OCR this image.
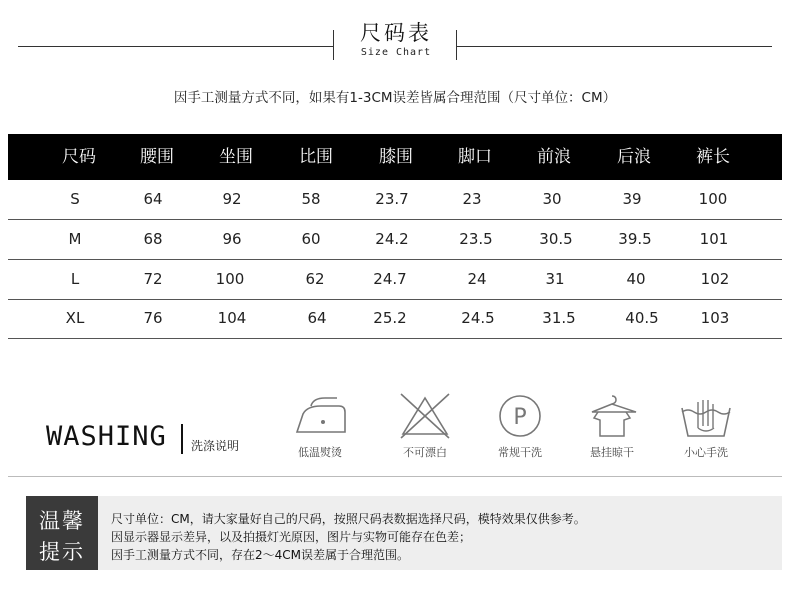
尺码表
Size Chart
因手工测量方式不同，如果有1-3CM误差皆属合理范围（尺寸单位：CM）
尺码	腰围	坐围	比围	膝围	脚口	前浪	后浪	裤长
S	64	92	58	23.7	23	30	39	100
M	68	96	60	24.2	23.5	30.5	39.5	101
L	72	100	62	24.7	24	31	40	102
XL	76	104	64	25.2	24.5	31.5	40.5	103
WASHING 洗涤说明	低温熨烫	不可漂白
P
常规干洗	悬挂晾干	小心手洗
温馨
提示
尺寸单位：CM，请大家量好自己的尺码，按照尺码表数据选择尺码，模特效果仅供参考。
因显示器显示差异，以及拍摄灯光原因，图片与实物可能存在色差；
因手工测量方式不同，存在2～4CM误差属于合理范围。
